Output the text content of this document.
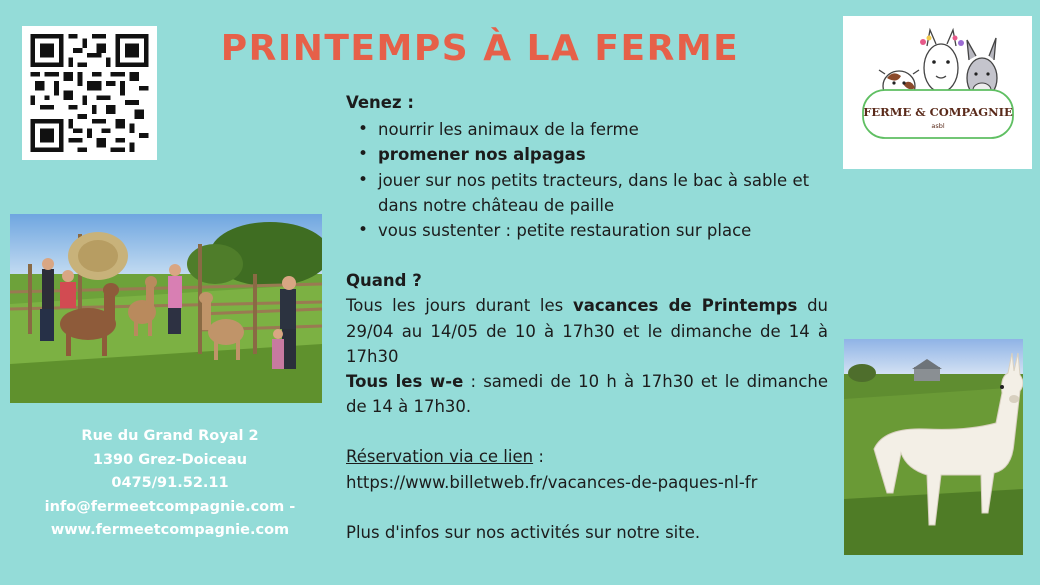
PRINTEMPS À LA FERME
FERME & COMPAGNIE
asbl
Rue du Grand Royal 2
1390 Grez-Doiceau
0475/91.52.11
info@fermeetcompagnie.com -
www.fermeetcompagnie.com
Venez :
• nourrir les animaux de la ferme
• promener nos alpagas
• jouer sur nos petits tracteurs, dans le bac à sable et dans notre château de paille
• vous sustenter : petite restauration sur place
Quand ?
Tous les jours durant les vacances de Printemps du 29/04 au 14/05 de 10 à 17h30 et le dimanche de 14 à 17h30
Tous les w-e : samedi de 10 h à 17h30 et le dimanche de 14 à 17h30.
Réservation via ce lien :
https://www.billetweb.fr/vacances-de-paques-nl-fr
Plus d'infos sur nos activités sur notre site.
